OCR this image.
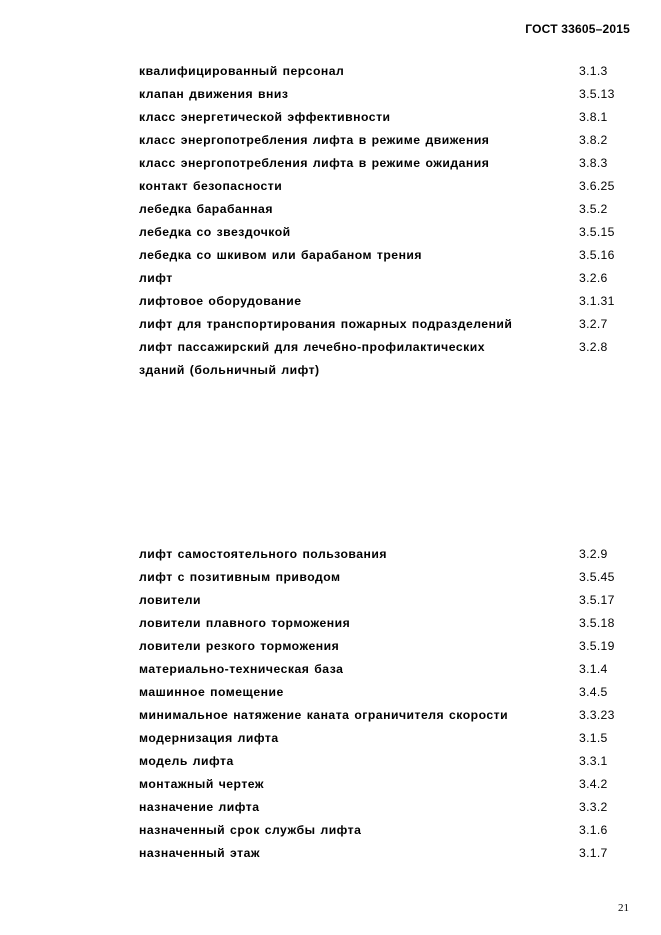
ГОСТ 33605–2015
квалифицированный персонал	3.1.3
клапан движения вниз	3.5.13
класс энергетической эффективности	3.8.1
класс энергопотребления лифта в режиме движения	3.8.2
класс энергопотребления лифта в режиме ожидания	3.8.3
контакт безопасности	3.6.25
лебедка барабанная	3.5.2
лебедка со звездочкой	3.5.15
лебедка со шкивом или барабаном трения	3.5.16
лифт	3.2.6
лифтовое оборудование	3.1.31
лифт для транспортирования пожарных подразделений	3.2.7
лифт пассажирский для лечебно-профилактических	3.2.8
зданий (больничный лифт)
лифт самостоятельного пользования	3.2.9
лифт с позитивным приводом	3.5.45
ловители	3.5.17
ловители плавного торможения	3.5.18
ловители резкого торможения	3.5.19
материально-техническая база	3.1.4
машинное помещение	3.4.5
минимальное натяжение каната ограничителя скорости	3.3.23
модернизация лифта	3.1.5
модель лифта	3.3.1
монтажный чертеж	3.4.2
назначение лифта	3.3.2
назначенный срок службы лифта	3.1.6
назначенный этаж	3.1.7
21
